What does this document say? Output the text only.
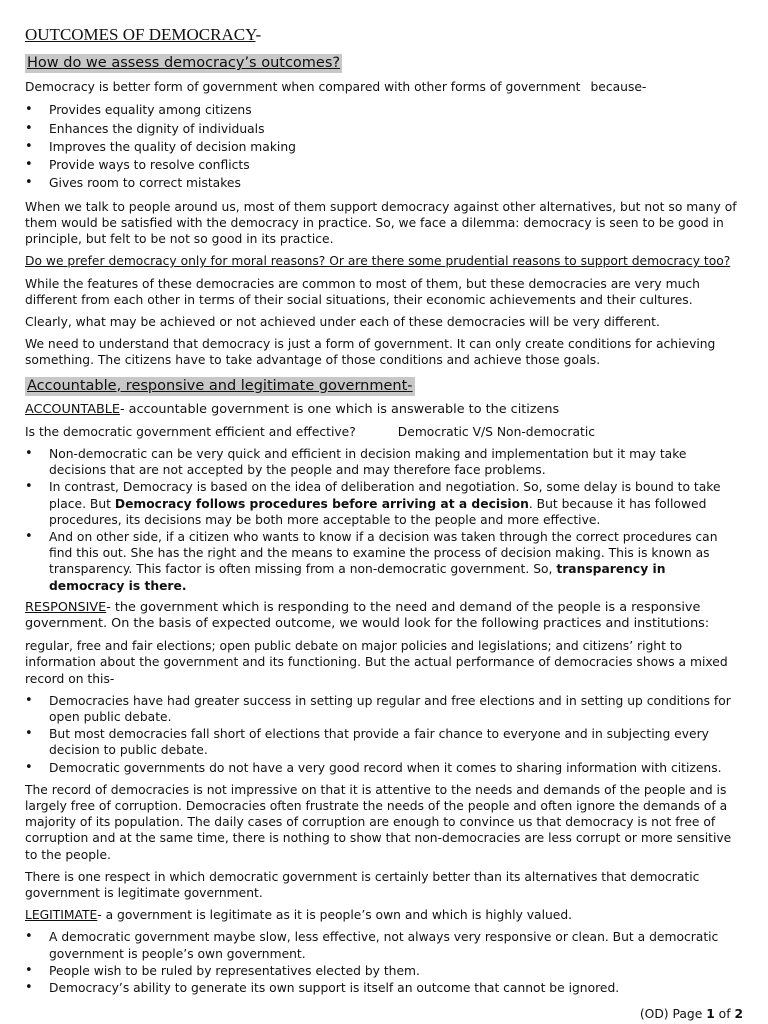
OUTCOMES OF DEMOCRACY-
How do we assess democracy’s outcomes?

Democracy is better form of government when compared with other forms of government because-

• Provides equality among citizens
• Enhances the dignity of individuals
• Improves the quality of decision making
• Provide ways to resolve conflicts
• Gives room to correct mistakes

When we talk to people around us, most of them support democracy against other alternatives, but not so many of them would be satisfied with the democracy in practice. So, we face a dilemma: democracy is seen to be good in principle, but felt to be not so good in its practice.

Do we prefer democracy only for moral reasons? Or are there some prudential reasons to support democracy too?

While the features of these democracies are common to most of them, but these democracies are very much different from each other in terms of their social situations, their economic achievements and their cultures.

Clearly, what may be achieved or not achieved under each of these democracies will be very different.

We need to understand that democracy is just a form of government. It can only create conditions for achieving something. The citizens have to take advantage of those conditions and achieve those goals.

Accountable, responsive and legitimate government-

ACCOUNTABLE- accountable government is one which is answerable to the citizens

Is the democratic government efficient and effective?	Democratic V/S Non-democratic

• Non-democratic can be very quick and efficient in decision making and implementation but it may take decisions that are not accepted by the people and may therefore face problems.
• In contrast, Democracy is based on the idea of deliberation and negotiation. So, some delay is bound to take place. But Democracy follows procedures before arriving at a decision. But because it has followed procedures, its decisions may be both more acceptable to the people and more effective.
• And on other side, if a citizen who wants to know if a decision was taken through the correct procedures can find this out. She has the right and the means to examine the process of decision making. This is known as transparency. This factor is often missing from a non-democratic government. So, transparency in democracy is there.

RESPONSIVE- the government which is responding to the need and demand of the people is a responsive government. On the basis of expected outcome, we would look for the following practices and institutions:

regular, free and fair elections; open public debate on major policies and legislations; and citizens’ right to information about the government and its functioning. But the actual performance of democracies shows a mixed record on this-

• Democracies have had greater success in setting up regular and free elections and in setting up conditions for open public debate.
• But most democracies fall short of elections that provide a fair chance to everyone and in subjecting every decision to public debate.
• Democratic governments do not have a very good record when it comes to sharing information with citizens.

The record of democracies is not impressive on that it is attentive to the needs and demands of the people and is largely free of corruption. Democracies often frustrate the needs of the people and often ignore the demands of a majority of its population. The daily cases of corruption are enough to convince us that democracy is not free of corruption and at the same time, there is nothing to show that non-democracies are less corrupt or more sensitive to the people.

There is one respect in which democratic government is certainly better than its alternatives that democratic government is legitimate government.

LEGITIMATE- a government is legitimate as it is people’s own and which is highly valued.

• A democratic government maybe slow, less effective, not always very responsive or clean. But a democratic government is people’s own government.
• People wish to be ruled by representatives elected by them.
• Democracy’s ability to generate its own support is itself an outcome that cannot be ignored.
(OD) Page 1 of 2
